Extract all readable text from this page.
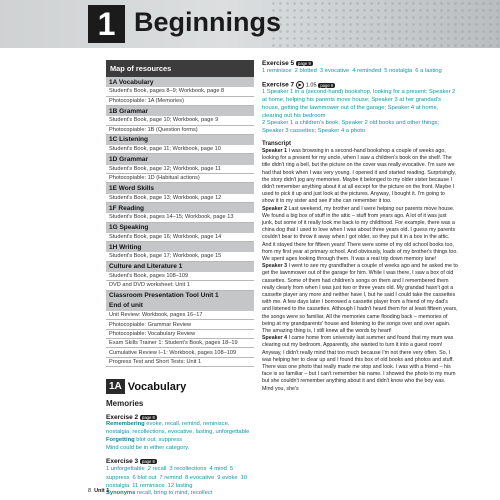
1 Beginnings
Map of resources
1A Vocabulary
Student's Book, pages 8–9; Workbook, page 8
Photocopiable: 1A (Memories)
1B Grammar
Student's Book, page 10; Workbook, page 9
Photocopiable: 1B (Question forms)
1C Listening
Student's Book, page 11; Workbook, page 10
1D Grammar
Student's Book, page 12; Workbook, page 11
Photocopiable: 1D (Habitual actions)
1E Word Skills
Student's Book, page 13; Workbook, page 12
1F Reading
Student's Book, pages 14–15; Workbook, page 13
1G Speaking
Student's Book, page 16; Workbook, page 14
1H Writing
Student's Book, page 17; Workbook, page 15
Culture and Literature 1
Student's Book, pages 108–109
DVD and DVD worksheet: Unit 1
Classroom Presentation Tool Unit 1
End of unit
Unit Review: Workbook, pages 16–17
Photocopiable: Grammar Review
Photocopiable: Vocabulary Review
Exam Skills Trainer 1: Student's Book, pages 18–19
Cumulative Review I–1: Workbook, pages 108–109
Progress Test and Short Tests: Unit 1
1A Vocabulary
Memories
Exercise 2 page 8
Remembering evoke, recall, remind, reminisce, nostalgia, recollections, evocative, lasting, unforgettable
Forgetting blot out, suppress
Mind could be in either category.
Exercise 3 page 8
1 unforgettable 2 recall 3 recollections 4 mind 5 suppress 6 blot out 7 remind 8 evocative 9 evoke 10 nostalgia 11 reminisce 12 lasting
Synonyms recall, bring to mind, recollect
Exercise 5 page 9
1 reminisce 2 blotted 3 evocative 4 reminded 5 nostalgia 6 a lasting
Exercise 7 ▶ 1.05 page 9
1 Speaker 1 in a (second-hand) bookshop, looking for a present; Speaker 2 at home, helping his parents move house; Speaker 3 at her grandad's house, getting the lawnmower out of the garage; Speaker 4 at home, clearing out his bedroom
2 Speaker 1 a children's book; Speaker 2 old books and other things; Speaker 3 cassettes; Speaker 4 a photo
Transcript
Speaker 1 I was browsing in a second-hand bookshop a couple of weeks ago, looking for a present for my uncle, when I saw a children's book on the shelf. The title didn't ring a bell, but the picture on the cover was really evocative. I'm sure we had that book when I was very young. I opened it and started reading. Surprisingly, the story didn't jog any memories. Maybe it belonged to my older sister because I didn't remember anything about it at all except for the picture on the front. Maybe I used to pick it up and just look at the pictures. Anyway, I bought it. I'm going to show it to my sister and see if she can remember it too.
Speaker 2 Last weekend, my brother and I were helping our parents move house. We found a big box of stuff in the attic – stuff from years ago. A lot of it was just junk, but some of it really took me back to my childhood. For example, there was a china dog that I used to love when I was about three years old. I guess my parents couldn't bear to throw it away when I got older, so they put it in a box in the attic. And it stayed there for fifteen years! There were some of my old school books too, from my first year at primary school. And obviously, loads of my brother's things too. We spent ages looking through them. It was a real trip down memory lane!
Speaker 3 I went to see my grandfather a couple of weeks ago and he asked me to get the lawnmower out of the garage for him. While I was there, I saw a box of old cassettes. Some of them had children's songs on them and I remembered them really clearly from when I was just two or three years old. My grandad hasn't got a cassette player any more and neither have I, but he said I could take the cassettes with me. A few days later I borrowed a cassette player from a friend of my dad's and listened to the cassettes. Although I hadn't heard them for at least fifteen years, the songs were so familiar. All the memories came flooding back – memories of being at my grandparents' house and listening to the songs over and over again. The amazing thing is, I still knew all the words by heart!
Speaker 4 I came home from university last summer and found that my mum was clearing out my bedroom. Apparently, she wanted to turn it into a guest room! Anyway, I didn't really mind that too much because I'm not there very often. So, I was helping her to clear up and I found this box of old books and photos and stuff. There was one photo that really made me stop and look. I was with a friend – his face is so familiar – but I can't remember his name. I showed the photo to my mum but she couldn't remember anything about it and didn't know who the boy was. Mind you, she's
8 Unit 1
